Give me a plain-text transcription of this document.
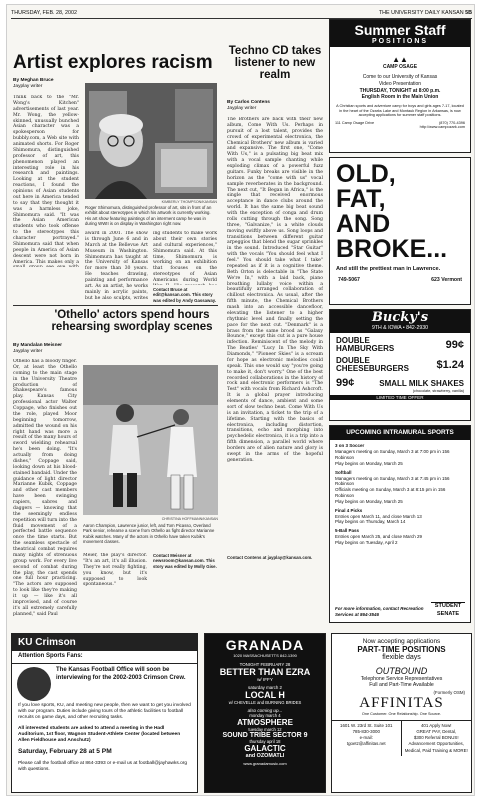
THURSDAY, FEB. 28, 2002	THE UNIVERSITY DAILY KANSAN 5B
Artist explores racism
By Meghan Bruce
Jayplay writer
Think back to the "Mr. Wong's Kitchen" advertisements of last year. Mr. Wong, the yellow-skinned, unusually bunched Asian character was a spokesperson for bubbly.com, a Web site with animated shorts. For Roger Shimomura, distinguished professor of art, this phenomenon played an interesting role in his research and paintings. Looking at the student reactions, I found the opinions of Asian students out here in America tended to say that they thought it was a harmless joke, Shimomura said. "It was the Asian American students who took offense to the stereotypes this character portrayed." Shimomura said that when people in America of Asian descent were not born in America. This makes only a
KIMBERLY THOMPSON/KANSAN
Roger Shimomura, distinguished professor of art, sits in front of an exhibit about stereotypes in which his artwork is currently working. His art show featuring paintings of an interment camp he was in during WWII is on display in Washington right now.
award in 2001. The show is through June 6 and in March at the Bellevue Art Museum in Washington. Shimomura has taught at the University of Kansas for more than 30 years. He teaches drawing, painting and performance art. As an artist, he works mainly in acrylic paints, but he also sculpts, writes
ing students to make work about their own stories and cultural experiences," Shimomura said. At this time, Shimomura is working on an exhibition that focuses on the stereotypes of Asian Americans during World
Contact Bruce at edit@kansan.com. This story was edited by Andy Gassaway.
'Othello' actors spend hours rehearsing swordplay scenes
By Mandalan Meisner
Jayplay writer
Othello has a bloody finger. Or, at least the Othello coming to the main stage in the University Theatre production of Shakespeare's famous play. Kansas City professional actor Walter Coppage, who finishes out the role, played Moor beginning tomorrow, admitted the wound on his right hand was more a result of the many hours of sword wielding rehearsal he's been doing. "It's actually from doing dishes," Coppage said, looking down at his blood-stained bandaid. Under the guidance of light director Marianne Kubik, Coppage and other cast members have been swinging rapiers, sabres and daggers — knowing that the seemingly endless repetition will turn into the fluid movement of a perfected battle sequence once the time starts. But the seamless spectacle of theatrical combat requires many nights of strenuous group work. For every live second of combat during the play, the cast spends one full hour practicing. "The actors are supposed to look like they're making it up — like it's all improvised, and of course it's all extremely carefully planned," said Paul
CHRISTINA HOFFMANN/KANSAN
Aaron Champion, Lawrence junior, left, and Tom Picasso, Overland Park senior, rehearse a scene from Othello as fight director Marianne Kubik watches. Many of the actors in Othello have taken Kubik's movement classes.
Meier, the play's director. "It's an art, it's all illusion. They're not really fighting, you know, but it's supposed to look spontaneous."
Contact Meisner at newsroom@kansan.com. This story was edited by Molly Gise.
Techno CD takes listener to new realm
By Carlos Contens
Jayplay writer
The Brothers are back with their new album, Come With Us. Perhaps in pursuit of a lost talent, provides the crowd of experimental electronica, the Chemical Brothers' new album is varied and expansive. The first one, "Come With Us," is a pulsating big beat mix with a vocal sample chanting while exploding climax of a powerful fuzz guitars. Funky breaks are visible in the horizon as the "come with us" vocal sample reverberates in the background. The next cut, "It Began in Africa," is the single that received enormous acceptance in dance clubs around the world. It has the same big beat sound with the exception of conga and drum rolls cutting through the song. Song three, "Galvanize," is a white clouds moving swiftly above us. Song loops and transitions between different guitar arpeggios that blend the sugar sprinkles in the sound. Introduced "Star Guitar" with the vocals "You should feel what I feel." You should take what I take" repeated as if it is a cognitive theme. Beth Orton is delectable in "The State We're In," with a laid back, piano breathing lullaby voice within a beautifully arranged collaboration of chillout electronica. As usual, after the fifth minute, the Chemical Brothers mash into an accessible dancefloor, elevating the listener to a higher rhythmic level and finally setting the pace for the next cut. "Denmark" is a brass from the same brood as "Galaxy Bounce," except this cut is a pure house infection. Reminiscent of the melody in The Beatles' "Lucy In The Sky With Diamonds," "Pioneer Skies" is a scream for hope as electronic melodies could speak. This one would say "you're going to make it, don't worry." One of the best recorded collaborations in the history of rock and electronic performers is "The Test" with vocals from Richard Ashcroft. It is a global prayer introducing elements of dance, ambient and some sort of slow techno beat. Come With Us is an invitation, a ticket to the trip of a lifetime. Starting with the basics of electronica, including distortion, transitions, echo and morphing into psychedelic electronica, it is a trip into a fifth dimension, a parallel world where borders are of alien nature and glory is swept in the arms of the hopeful generation.
Contact Contens at jayplay@kansan.com.
Summer Staff
POSITIONS
▲▲
CAMP OSAGE
Come to our University of Kansas
Video Presentation
THURSDAY, TONIGHT at 8:00 p.m.
English Room in the Main Union
A Christian sports and adventure camp for boys and girls ages 7-17, located in the heart of the Ozarks Lake and Montauk Region in Arkansas, is now accepting applications for summer staff positions.
111 Camp Osage Drive	(870) 770-4396
http://www.campozark.com
OLD,
FAT,
AND
BROKE...
And still the prettiest man in Lawrence.
749-5067	623 Vermont
Bucky's
9TH & IOWA • 842-2930
DOUBLE HAMBURGERS	99¢
DOUBLE CHEESEBURGERS	$1.24
99¢	SMALL MILK SHAKES
(chocolate, strawberry, vanilla)
LIMITED TIME OFFER
UPCOMING INTRAMURAL SPORTS
3 on 3 Soccer
Managers meeting on Sunday, March 3 at 7:00 pm in 156 Robinson
Play begins on Monday, March 25
Softball
Managers meeting on Sunday, March 3 at 7:45 pm in 156 Robinson
Officials meeting on Sunday, March 3 at 8:15 pm in 156 Robinson
Play begins on Monday, March 25
Final 4 Picks
Entries open March 11, and close March 13
Play begins on Thursday, March 14
5-Ball Pass
Entries open March 25, and close March 29
Play begins on Tuesday, April 2
For more information, contact Recreation Services at 864-3546
STUDENT SENATE
KU Crimson
Attention Sports Fans:
The Kansas Football Office will soon be interviewing for the 2002-2003 Crimson Crew.
If you love sports, KU, and meeting new people, then we want to get you involved with our program. Duties include giving tours of the athletic facilities to football recruits on game days, and other recruiting tasks.
All interested students are asked to attend a meeting in the Hadl Auditorium, 1st floor, Wagnon Student-Athlete Center (located between Allen Fieldhouse and Anschutz)
Saturday, February 28 at 5 PM
Please call the football office at 864-3393 or e-mail us at football@jayhawks.org with questions.
GRANADA
1020 MASSACHUSETTS 842-1390
TONIGHT FEBRUARY 28
BETTER THAN EZRA
w/ IFFY
saturday march 2
LOCAL H
w/ CHEVELLE and BURNING BRIDES
also coming up...
monday march 4
ATMOSPHERE
tuesday march 12
SOUND TRIBE SECTOR 9
thursday april 18
GALACTIC
and OZOMATLI
www.granadamusic.com
Now accepting applications
PART-TIME POSITIONS
flexible days
OUTBOUND
Telephone Service Representatives
Full and Part-Time Available
(Formerly OSM)
AFFINITAS
One Customer. One Relationship. One Source.
1601 W. 23rd St. Suite 101
785-830-3000
e-mail:
tgoetz@affinitas.net
401 Apply Now!
GREAT PAY, Dental,
$300 Referral BONUS!
Advancement Opportunities,
Medical, Paid Training & MORE!
